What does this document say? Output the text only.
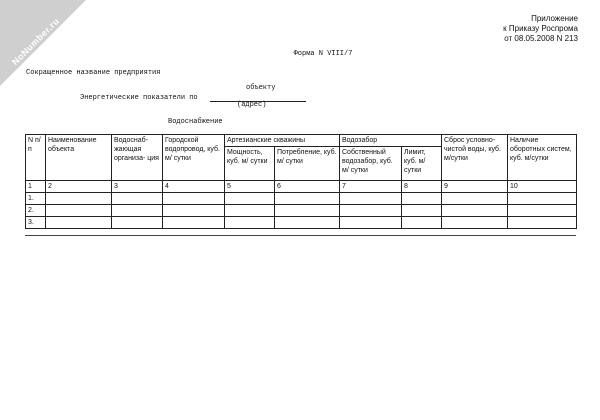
NoNumber.ru	Приложение
к Приказу Роспрома
от 08.05.2008 N 213
Форма N VIII/7
Сокращенное название предприятия
объекту
Энергетические показатели по
(адрес)
Водоснабжение
N п/п	Наименование объекта	Водоснаб- жающая организа- ция	Городской водопровод, куб. м/ сутки	Артезианские скважины		Водозабор		Сброс условно- чистой воды, куб. м/сутки	Наличие оборотных систем, куб. м/сутки
				Мощность, куб. м/ сутки	Потребление, куб. м/ сутки	Собственный водозабор, куб. м/ сутки	Лимит, куб. м/ сутки		
1	2	3	4	5	6	7	8	9	10
1.									
2.									
3.									
